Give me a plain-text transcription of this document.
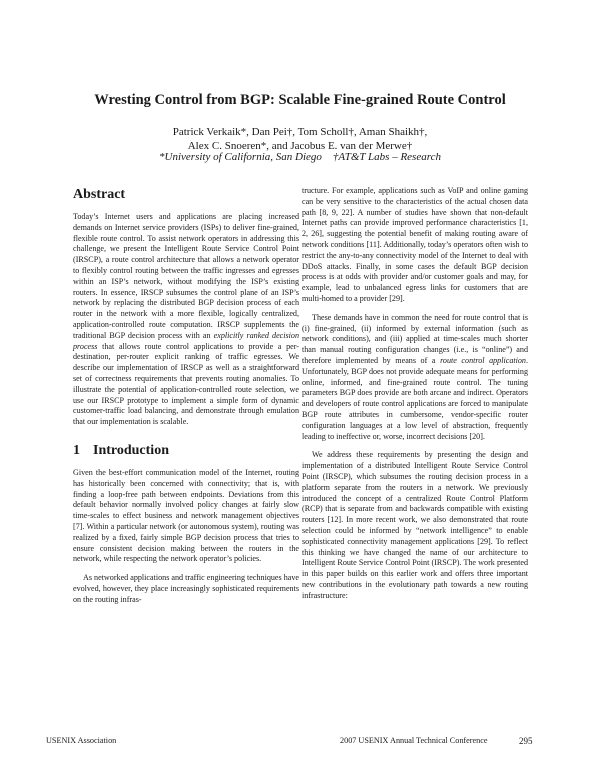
Wresting Control from BGP: Scalable Fine-grained Route Control
Patrick Verkaik*, Dan Pei†, Tom Scholl†, Aman Shaikh†,
Alex C. Snoeren*, and Jacobus E. van der Merwe†
*University of California, San Diego †AT&T Labs – Research
Abstract

Today’s Internet users and applications are placing increased demands on Internet service providers (ISPs) to deliver fine-grained, flexible route control. To assist network operators in addressing this challenge, we present the Intelligent Route Service Control Point (IRSCP), a route control architecture that allows a network operator to flexibly control routing between the traffic ingresses and egresses within an ISP’s network, without modifying the ISP’s existing routers. In essence, IRSCP subsumes the control plane of an ISP’s network by replacing the distributed BGP decision process of each router in the network with a more flexible, logically centralized, application-controlled route computation. IRSCP supplements the traditional BGP decision process with an explicitly ranked decision process that allows route control applications to provide a per-destination, per-router explicit ranking of traffic egresses. We describe our implementation of IRSCP as well as a straightforward set of correctness requirements that prevents routing anomalies. To illustrate the potential of application-controlled route selection, we use our IRSCP prototype to implement a simple form of dynamic customer-traffic load balancing, and demonstrate through emulation that our implementation is scalable.

1 Introduction

Given the best-effort communication model of the Internet, routing has historically been concerned with connectivity; that is, with finding a loop-free path between endpoints. Deviations from this default behavior normally involved policy changes at fairly slow time-scales to effect business and network management objectives [7]. Within a particular network (or autonomous system), routing was realized by a fixed, fairly simple BGP decision process that tries to ensure consistent decision making between the routers in the network, while respecting the network operator’s policies.

As networked applications and traffic engineering techniques have evolved, however, they place increasingly sophisticated requirements on the routing infras-

tructure. For example, applications such as VoIP and online gaming can be very sensitive to the characteristics of the actual chosen data path [8, 9, 22]. A number of studies have shown that non-default Internet paths can provide improved performance characteristics [1, 2, 26], suggesting the potential benefit of making routing aware of network conditions [11]. Additionally, today’s operators often wish to restrict the any-to-any connectivity model of the Internet to deal with DDoS attacks. Finally, in some cases the default BGP decision process is at odds with provider and/or customer goals and may, for example, lead to unbalanced egress links for customers that are multi-homed to a provider [29].

These demands have in common the need for route control that is (i) fine-grained, (ii) informed by external information (such as network conditions), and (iii) applied at time-scales much shorter than manual routing configuration changes (i.e., is “online”) and therefore implemented by means of a route control application. Unfortunately, BGP does not provide adequate means for performing online, informed, and fine-grained route control. The tuning parameters BGP does provide are both arcane and indirect. Operators and developers of route control applications are forced to manipulate BGP route attributes in cumbersome, vendor-specific router configuration languages at a low level of abstraction, frequently leading to ineffective or, worse, incorrect decisions [20].

We address these requirements by presenting the design and implementation of a distributed Intelligent Route Service Control Point (IRSCP), which subsumes the routing decision process in a platform separate from the routers in a network. We previously introduced the concept of a centralized Route Control Platform (RCP) that is separate from and backwards compatible with existing routers [12]. In more recent work, we also demonstrated that route selection could be informed by “network intelligence” to enable sophisticated connectivity management applications [29]. To reflect this thinking we have changed the name of our architecture to Intelligent Route Service Control Point (IRSCP). The work presented in this paper builds on this earlier work and offers three important new contributions in the evolutionary path towards a new routing infrastructure:

USENIX Association	2007 USENIX Annual Technical Conference	295
